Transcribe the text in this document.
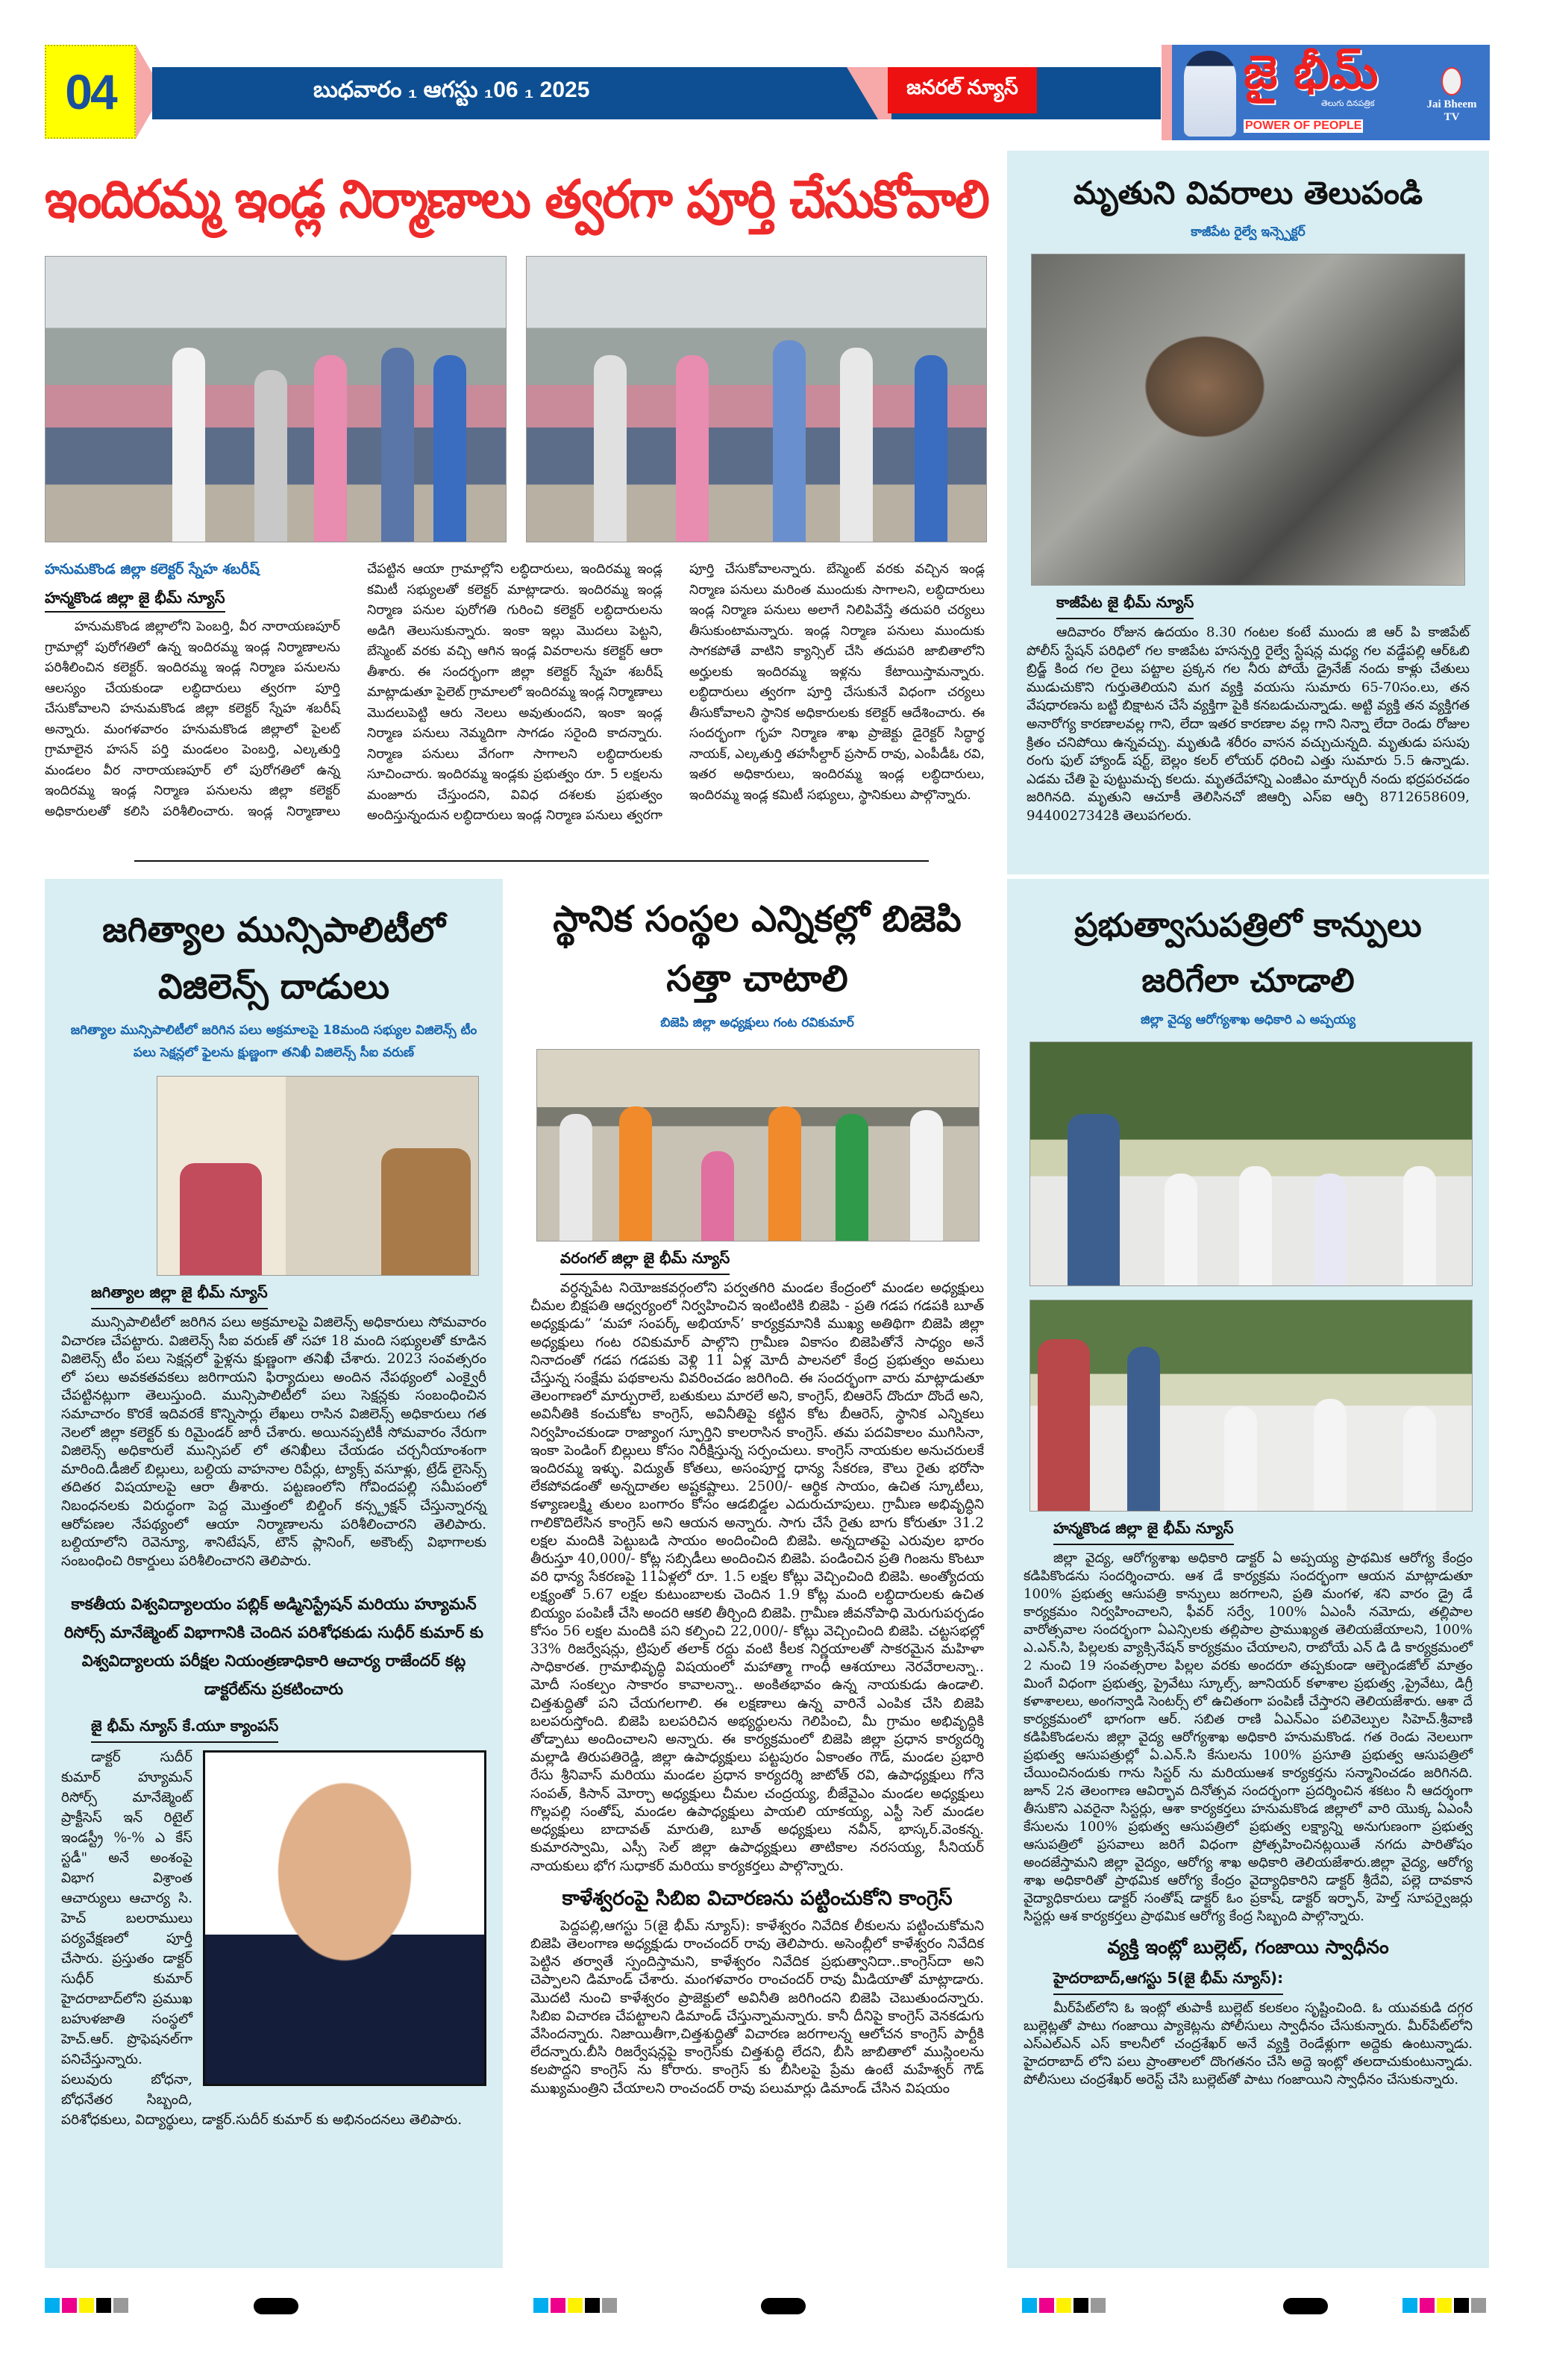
04	బుధవారం ₁ ఆగస్టు ₁06 ₁ 2025	జనరల్ న్యూస్	జై భీమ్
తెలుగు దినపత్రిక
POWER OF PEOPLE
Jai Bheem TV
ఇందిరమ్మ ఇండ్ల నిర్మాణాలు త్వరగా పూర్తి చేసుకోవాలి
హనుమకొండ జిల్లా కలెక్టర్ స్నేహ శబరీష్
హన్మకొండ జిల్లా జై భీమ్ న్యూస్
హనుమకొండ జిల్లాలోని పెంబర్తి, వీర నారాయణపూర్ గ్రామాల్లో పురోగతిలో ఉన్న ఇందిరమ్మ ఇండ్ల నిర్మాణాలను పరిశీలించిన కలెక్టర్. ఇందిరమ్మ ఇండ్ల నిర్మాణ పనులను ఆలస్యం చేయకుండా లబ్ధిదారులు త్వరగా పూర్తి చేసుకోవాలని హనుమకొండ జిల్లా కలెక్టర్ స్నేహ శబరీష్ అన్నారు. మంగళవారం హనుమకొండ జిల్లాలో పైలట్ గ్రామాలైన హసన్ పర్తి మండలం పెంబర్తి, ఎల్కతుర్తి మండలం వీర నారాయణపూర్ లో పురోగతిలో ఉన్న ఇందిరమ్మ ఇండ్ల నిర్మాణ పనులను జిల్లా కలెక్టర్ అధికారులతో కలిసి పరిశీలించారు. ఇండ్ల నిర్మాణాలు చేపట్టిన ఆయా గ్రామాల్లోని లబ్ధిదారులు, ఇందిరమ్మ ఇండ్ల కమిటీ సభ్యులతో కలెక్టర్ మాట్లాడారు. ఇందిరమ్మ ఇండ్ల నిర్మాణ పనుల పురోగతి గురించి కలెక్టర్ లబ్ధిదారులను అడిగి తెలుసుకున్నారు. ఇంకా ఇల్లు మొదలు పెట్టని, బేస్మెంట్ వరకు వచ్చి ఆగిన ఇండ్ల వివరాలను కలెక్టర్ ఆరా తీశారు. ఈ సందర్భంగా జిల్లా కలెక్టర్ స్నేహ శబరీష్ మాట్లాడుతూ పైలెట్ గ్రామాలలో ఇందిరమ్మ ఇండ్ల నిర్మాణాలు మొదలుపెట్టి ఆరు నెలలు అవుతుందని, ఇంకా ఇండ్ల నిర్మాణ పనులు నెమ్మదిగా సాగడం సరైంది కాదన్నారు. నిర్మాణ పనులు వేగంగా సాగాలని లబ్ధిదారులకు సూచించారు. ఇందిరమ్మ ఇండ్లకు ప్రభుత్వం రూ. 5 లక్షలను మంజూరు చేస్తుందని, వివిధ దశలకు ప్రభుత్వం అందిస్తున్నందున లబ్ధిదారులు ఇండ్ల నిర్మాణ పనులు త్వరగా పూర్తి చేసుకోవాలన్నారు. బేస్మెంట్ వరకు వచ్చిన ఇండ్ల నిర్మాణ పనులు మరింత ముందుకు సాగాలని, లబ్ధిదారులు ఇండ్ల నిర్మాణ పనులు అలాగే నిలిపివేస్తే తదుపరి చర్యలు తీసుకుంటామన్నారు. ఇండ్ల నిర్మాణ పనులు ముందుకు సాగకపోతే వాటిని క్యాన్సిల్ చేసి తదుపరి జాబితాలోని అర్హులకు ఇందిరమ్మ ఇళ్లను కేటాయిస్తామన్నారు. లబ్ధిదారులు త్వరగా పూర్తి చేసుకునే విధంగా చర్యలు తీసుకోవాలని స్థానిక అధికారులకు కలెక్టర్ ఆదేశించారు. ఈ సందర్భంగా గృహ నిర్మాణ శాఖ ప్రాజెక్టు డైరెక్టర్ సిద్ధార్థ నాయక్, ఎల్కతుర్తి తహసీల్దార్ ప్రసాద్ రావు, ఎంపీడీఓ రవి, ఇతర అధికారులు, ఇందిరమ్మ ఇండ్ల లబ్ధిదారులు, ఇందిరమ్మ ఇండ్ల కమిటీ సభ్యులు, స్థానికులు పాల్గొన్నారు.
మృతుని వివరాలు తెలుపండి
కాజీపేట రైల్వే ఇన్స్పెక్టర్
కాజీపేట జై భీమ్ న్యూస్
ఆదివారం రోజున ఉదయం 8.30 గంటల కంటే ముందు జి ఆర్ పి కాజిపేట్ పోలీస్ స్టేషన్ పరిధిలో గల కాజిపేట హసన్పర్తి రైల్వే స్టేషన్ల మధ్య గల వడ్డేపల్లి ఆర్‌ఓబి బ్రిడ్జ్ కింద గల రైలు పట్టాల ప్రక్కన గల నీరు పోయే డ్రైనేజ్ నందు కాళ్లు చేతులు ముడుచుకొని గుర్తుతెలియని మగ వ్యక్తి వయసు సుమారు 65-70సం.లు, తన వేషధారణను బట్టి బిక్షాటన చేసే వ్యక్తిగా పైకి కనబడుచున్నాడు. అట్టి వ్యక్తి తన వ్యక్తిగత అనారోగ్య కారణాలవల్ల గాని, లేదా ఇతర కారణాల వల్ల గాని నిన్నా లేదా రెండు రోజుల క్రితం చనిపోయి ఉన్నవచ్చు. మృతుడి శరీరం వాసన వచ్చుచున్నది. మృతుడు పసుపు రంగు ఫుల్ హ్యాండ్ షర్ట్, బెల్లం కలర్ లోయర్ ధరించి ఎత్తు సుమారు 5.5 ఉన్నాడు. ఎడమ చేతి పై పుట్టుమచ్చ కలదు. మృతదేహాన్ని ఎంజీఎం మార్చురీ నందు భద్రపరచడం జరిగినది. మృతుని ఆచూకీ తెలిసినచో జిఆర్పి ఎస్ఐ ఆర్పి 8712658609, 9440027342కి తెలుపగలరు.
జగిత్యాల మున్సిపాలిటీలో విజిలెన్స్ దాడులు
జగిత్యాల మున్సిపాలిటీలో జరిగిన పలు అక్రమాలపై 18మంది సభ్యుల విజిలెన్స్ టీం పలు సెక్షన్లలో ఫైలను క్షుణ్ణంగా తనిఖీ విజిలెన్స్ సీఐ వరుణ్
జగిత్యాల జిల్లా జై భీమ్ న్యూస్
మున్సిపాలిటీలో జరిగిన పలు అక్రమాలపై విజిలెన్స్ అధికారులు సోమవారం విచారణ చేపట్టారు. విజిలెన్స్ సీఐ వరుణ్ తో సహా 18 మంది సభ్యులతో కూడిన విజిలెన్స్ టీం పలు సెక్షన్లలో ఫైళ్లను క్షుణ్ణంగా తనిఖీ చేశారు. 2023 సంవత్సరం లో పలు అవకతవకలు జరిగాయని ఫిర్యాదులు అందిన నేపథ్యంలో ఎంక్వైరీ చేపట్టినట్లుగా తెలుస్తుంది. మున్సిపాలిటీలో పలు సెక్షన్లకు సంబంధించిన సమాచారం కొరకే ఇదివరకే కొన్నిసార్లు లేఖలు రాసిన విజిలెన్స్ అధికారులు గత నెలలో జిల్లా కలెక్టర్ కు రిమైండర్ జారీ చేశారు. అయినప్పటికీ సోమవారం నేరుగా విజిలెన్స్ అధికారులే మున్సిపల్ లో తనిఖీలు చేయడం చర్చనీయాంశంగా మారింది.డీజిల్ బిల్లులు, బల్దియ వాహనాల రిపేర్లు, ట్యాక్స్ వసూళ్లు, ట్రేడ్ లైసెన్స్ తదితర విషయాలపై ఆరా తీశారు. పట్టణంలోని గోవిందపల్లి సమీపంలో నిబంధనలకు విరుద్ధంగా పెద్ద మొత్తంలో బిల్డింగ్ కన్స్ట్రక్షన్ చేస్తున్నారన్న ఆరోపణల నేపథ్యంలో ఆయా నిర్మాణాలను పరిశీలించారని తెలిపారు. బల్దియాలోని రెవెన్యూ, శానిటేషన్, టౌన్ ప్లానింగ్, అకౌంట్స్ విభాగాలకు సంబంధించి రికార్డులు పరిశీలించారని తెలిపారు.
కాకతీయ విశ్వవిద్యాలయం పబ్లిక్ అడ్మినిస్ట్రేషన్ మరియు హ్యూమన్ రిసోర్స్ మానేజ్మెంట్ విభాగానికి చెందిన పరిశోధకుడు సుధీర్ కుమార్ కు విశ్వవిద్యాలయ పరీక్షల నియంత్రణాధికారి ఆచార్య రాజేందర్ కట్ల డాక్టరేట్‌ను ప్రకటించారు
జై భీమ్ న్యూస్ కే.యూ క్యాంపస్
డాక్టర్ సుదీర్ కుమార్ హ్యూమన్ రిసోర్స్ మానేజ్మెంట్ ప్రాక్టీసెస్ ఇన్ రిటైల్ ఇండస్ట్రీ %-% ఎ కేస్ స్టడీ" అనే అంశంపై విభాగ విశ్రాంత ఆచార్యులు ఆచార్య సి. హెచ్ బలరాములు పర్యవేక్షణలో పూర్తీ చేసారు. ప్రస్తుతం డాక్టర్ సుధీర్ కుమార్ హైదరాబాద్‌లోని ప్రముఖ బహుళజాతి సంస్థలో హెచ్.ఆర్. ప్రొఫెషనల్‌గా పనిచేస్తున్నారు. పలువురు బోధనా, బోధనేతర సిబ్బంది, పరిశోధకులు, విద్యార్థులు, డాక్టర్.సుదీర్ కుమార్ కు అభినందనలు తెలిపారు.
స్థానిక సంస్థల ఎన్నికల్లో బిజెపి సత్తా చాటాలి
బిజెపి జిల్లా అధ్యక్షులు గంట రవికుమార్
వరంగల్ జిల్లా జై భీమ్ న్యూస్
వర్ధన్నపేట నియోజకవర్గంలోని పర్వతగిరి మండల కేంద్రంలో మండల అధ్యక్షులు చీమల బిక్షపతి ఆధ్వర్యంలో నిర్వహించిన ఇంటింటికి బిజెపి - ప్రతి గడప గడపకి బూత్ అధ్యక్షుడు” ‘మహా సంపర్క్ అభియాన్’ కార్యక్రమానికి ముఖ్య అతిథిగా బిజెపి జిల్లా అధ్యక్షులు గంట రవికుమార్ పాల్గొని గ్రామీణ వికాసం బిజెపితోనే సాధ్యం అనే నినాదంతో గడప గడపకు వెళ్లి 11 ఏళ్ల మోదీ పాలనలో కేంద్ర ప్రభుత్వం అమలు చేస్తున్న సంక్షేమ పథకాలను వివరించడం జరిగింది. ఈ సందర్భంగా వారు మాట్లాడుతూ తెలంగాణలో మార్పురాలే, బతుకులు మారలే అని, కాంగ్రెస్, బిఆరెస్ దొందూ దొందే అని, అవినీతికి కంచుకోట కాంగ్రెస్, అవినీతిపై కట్టిన కోట బీఆరెస్, స్థానిక ఎన్నికలు నిర్వహించకుండా రాజ్యాంగ స్ఫూర్తిని కాలరాసిన కాంగ్రెస్. తమ పదవికాలం ముగిసినా, ఇంకా పెండింగ్ బిల్లులు కోసం నిరీక్షిస్తున్న సర్పంచులు. కాంగ్రెస్ నాయకుల అనుచరులకే ఇందిరమ్మ ఇళ్ళు. విద్యుత్ కోతలు, అసంపూర్ణ ధాన్య సేకరణ, కౌలు రైతు భరోసా లేకపోవడంతో అన్నదాతల అష్టకష్టాలు. 2500/- ఆర్థిక సాయం, ఉచిత స్కూటీలు, కళ్యాణలక్ష్మి తులం బంగారం కోసం ఆడబిడ్డల ఎదురుచూపులు. గ్రామీణ అభివృద్ధిని గాలికొదిలేసిన కాంగ్రెస్ అని ఆయన అన్నారు. సాగు చేసే రైతు బాగు కోరుతూ 31.2 లక్షల మందికి పెట్టుబడి సాయం అందించింది బిజెపి. అన్నదాతపై ఎరువుల భారం తీరుస్తూ 40,000/- కోట్ల సబ్సిడీలు అందించిన బిజెపి. పండించిన ప్రతి గింజను కొంటూ వరి ధాన్య సేకరణపై 11ఏళ్లలో రూ. 1.5 లక్షల కోట్లు వెచ్చించింది బిజెపి. అంత్యోదయ లక్ష్యంతో 5.67 లక్షల కుటుంబాలకు చెందిన 1.9 కోట్ల మంది లబ్ధిదారులకు ఉచిత బియ్యం పంపిణీ చేసి అందరి ఆకలి తీర్చింది బిజెపి. గ్రామీణ జీవనోపాధి మెరుగుపర్చడం కోసం 56 లక్షల మందికి పని కల్పించి 22,000/- కోట్లు వెచ్చించింది బిజెపి. చట్టసభల్లో 33% రిజర్వేషన్లు, ట్రిపుల్ తలాక్ రద్దు వంటి కీలక నిర్ణయాలతో సాకరమైన మహిళా సాధికారత. గ్రామాభివృద్ధి విషయంలో మహాత్మా గాంధీ ఆశయాలు నెరవేరాలన్నా.. మోదీ సంకల్పం సాకారం కావాలన్నా.. అంకితభావం ఉన్న నాయకుడు ఉండాలి. చిత్తశుద్ధితో పని చేయగలగాలి. ఈ లక్షణాలు ఉన్న వారినే ఎంపిక చేసి బిజెపి బలపరుస్తోంది. బిజెపి బలపరిచిన అభ్యర్థులను గెలిపించి, మీ గ్రామం అభివృద్ధికి తోడ్పాటు అందించాలని అన్నారు. ఈ కార్యక్రమంలో బిజెపి జిల్లా ప్రధాన కార్యదర్శి మల్లాడి తిరుపతిరెడ్డి, జిల్లా ఉపాధ్యక్షులు పట్టపురం ఏకాంతం గౌడ్, మండల ప్రభారి రేసు శ్రీనివాస్ మరియు మండల ప్రధాన కార్యదర్శి జాటోత్ రవి, ఉపాధ్యక్షులు గోనె సంపత్, కిసాన్ మోర్చా అధ్యక్షులు చీమల చంద్రయ్య, బీజేవైఎం మండల అధ్యక్షులు గొల్లపల్లి సంతోష్, మండల ఉపాధ్యక్షులు పాయలి యాకయ్య, ఎస్టీ సెల్ మండల అధ్యక్షులు బాదావత్ మారుతి, బూత్ అధ్యక్షులు నవీన్, భాస్కర్.వెంకన్న. కుమారస్వామి, ఎస్సీ సెల్ జిల్లా ఉపాధ్యక్షులు తాటికాల నరసయ్య, సీనియర్ నాయకులు భోగ సుధాకర్ మరియు కార్యకర్తలు పాల్గొన్నారు.
కాళేశ్వరంపై సిబిఐ విచారణను పట్టించుకోని కాంగ్రెస్
పెద్దపల్లి,ఆగస్టు 5(జై భీమ్ న్యూస్): కాళేశ్వరం నివేదిక లీకులను పట్టించుకోమని బిజెపి తెలంగాణ అధ్యక్షుడు రాంచందర్ రావు తెలిపారు. అసెంబ్లీలో కాళేశ్వరం నివేదిక పెట్టిన తర్వాతే స్పందిస్తామని, కాళేశ్వరం నివేదిక ప్రభుత్వానిదా..కాంగ్రెస్‌దా అని చెప్పాలని డిమాండ్ చేశారు. మంగళవారం రాంచందర్ రావు మీడియాతో మాట్లాడారు. మొదటి నుంచి కాళేశ్వరం ప్రాజెక్టులో అవినీతి జరిగిందని బిజెపి చెబుతుందన్నారు. సిబిఐ విచారణ చేపట్టాలని డిమాండ్ చేస్తున్నామన్నారు. కానీ దీనిపై కాంగ్రెస్ వెనకడుగు వేసిందన్నారు. నిజాయితీగా,చిత్తశుద్ధితో విచారణ జరగాలన్న ఆలోచన కాంగ్రెస్ పార్టీకి లేదన్నారు.బీసి రిజర్వేషన్లపై కాంగ్రెస్‌కు చిత్తశుద్ధి లేదని, బీసి జాబితాలో ముస్లింలను కలపొద్దని కాంగ్రెస్ ను కోరారు. కాంగ్రెస్ కు బీసిలపై ప్రేమ ఉంటే మహేశ్వర్ గౌడ్ ముఖ్యమంత్రిని చేయాలని రాంచందర్ రావు పలుమార్లు డిమాండ్ చేసిన విషయం
ప్రభుత్వాసుపత్రిలో కాన్పులు జరిగేలా చూడాలి
జిల్లా వైద్య ఆరోగ్యశాఖ అధికారి ఎ అప్పయ్య
హన్మకొండ జిల్లా జై భీమ్ న్యూస్
జిల్లా వైద్య, ఆరోగ్యశాఖ అధికారి డాక్టర్ ఏ అప్పయ్య ప్రాథమిక ఆరోగ్య కేంద్రం కడిపికొండను సందర్శించారు. ఆశ డే కార్యక్రమ సందర్భంగా ఆయన మాట్లాడుతూ 100% ప్రభుత్వ ఆసుపత్రి కాన్పులు జరగాలని, ప్రతి మంగళ, శని వారం డ్రై డే కార్యక్రమం నిర్వహించాలని, ఫీవర్ సర్వే, 100% ఏఎంసీ నమోదు, తల్లిపాల వారోత్సవాల సందర్భంగా ఏఎన్సిలకు తల్లిపాల ప్రాముఖ్యత తెలియజేయాలని, 100% ఎ.ఎన్.సి, పిల్లలకు వ్యాక్సినేషన్ కార్యక్రమం చేయాలని, రాబోయే ఎన్ డి డి కార్యక్రమంలో 2 నుంచి 19 సంవత్సరాల పిల్లల వరకు అందరూ తప్పకుండా ఆల్బెండజోల్ మాత్రం మింగే విధంగా ప్రభుత్వ, ప్రైవేటు స్కూల్స్, జూనియర్ కళాశాల ప్రభుత్వ ,ప్రైవేటు, డిగ్రీ కళాశాలలు, అంగన్వాడి సెంటర్స్ లో ఉచితంగా పంపిణీ చేస్తారని తెలియజేశారు. ఆశా దే కార్యక్రమంలో భాగంగా ఆర్. సబిత రాణి ఏఎన్ఎం పలివెల్పుల సిహెచ్.శ్రీవాణి కడిపికొండలను జిల్లా వైద్య ఆరోగ్యశాఖ అధికారి హనుమకొండ. గత రెండు నెలలుగా ప్రభుత్వ ఆసుపత్రుల్లో ఏ.ఎన్.సి కేసులను 100% ప్రసూతి ప్రభుత్వ ఆసుపత్రిలో చేయించినందుకు గాను సిస్టర్ ను మరియుఆశ కార్యకర్తను సన్మానించడం జరిగినది. జూన్ 2న తెలంగాణ ఆవిర్భావ దినోత్సవ సందర్భంగా ప్రదర్శించిన శకటం నీ ఆదర్శంగా తీసుకొని ఎవరైనా సిస్టర్లు, ఆశా కార్యకర్తలు హనుమకొండ జిల్లాలో వారి యొక్క ఏఎంసీ కేసులను 100% ప్రభుత్వ ఆసుపత్రిలో ప్రభుత్వ లక్ష్యాన్ని అనుగుణంగా ప్రభుత్వ ఆసుపత్రిలో ప్రసవాలు జరిగే విధంగా ప్రోత్సహించినట్లయితే నగదు పారితోషం అందజేస్తామని జిల్లా వైద్యం, ఆరోగ్య శాఖ అధికారి తెలియజేశారు.జిల్లా వైద్య, ఆరోగ్య శాఖ అధికారితో ప్రాథమిక ఆరోగ్య కేంద్రం వైద్యాధికారిని డాక్టర్ శ్రీదేవి, పల్లె దావకాన వైద్యాధికారులు డాక్టర్ సంతోష్ డాక్టర్ ఓం ప్రకాష్, డాక్టర్ ఇర్ఫాన్, హెల్త్ సూపర్వైజర్లు సిస్టర్లు ఆశ కార్యకర్తలు ప్రాథమిక ఆరోగ్య కేంద్ర సిబ్బంది పాల్గొన్నారు.
వ్యక్తి ఇంట్లో బుల్లెట్, గంజాయి స్వాధీనం
హైదరాబాద్,ఆగస్టు 5(జై భీమ్ న్యూస్):
మీర్‌పేట్‌లోని ఓ ఇంట్లో తుపాకీ బుల్లెట్ కలకలం సృష్టించింది. ఓ యువకుడి దగ్గర బుల్లెట్లతో పాటు గంజాయి ప్యాకెట్లను పోలీసులు స్వాధీనం చేసుకున్నారు. మీర్‌పేట్‌లోని ఎస్ఎల్ఎన్ ఎస్ కాలనీలో చంద్రశేఖర్ అనే వ్యక్తి రెండేళ్లుగా అద్దెకు ఉంటున్నాడు. హైదరాబాద్ లోని పలు ప్రాంతాలలో దొంగతనం చేసి అద్దె ఇంట్లో తలదాచుకుంటున్నాడు. పోలీసులు చంద్రశేఖర్ అరెస్ట్ చేసి బుల్లెట్‌తో పాటు గంజాయిని స్వాధీనం చేసుకున్నారు.
